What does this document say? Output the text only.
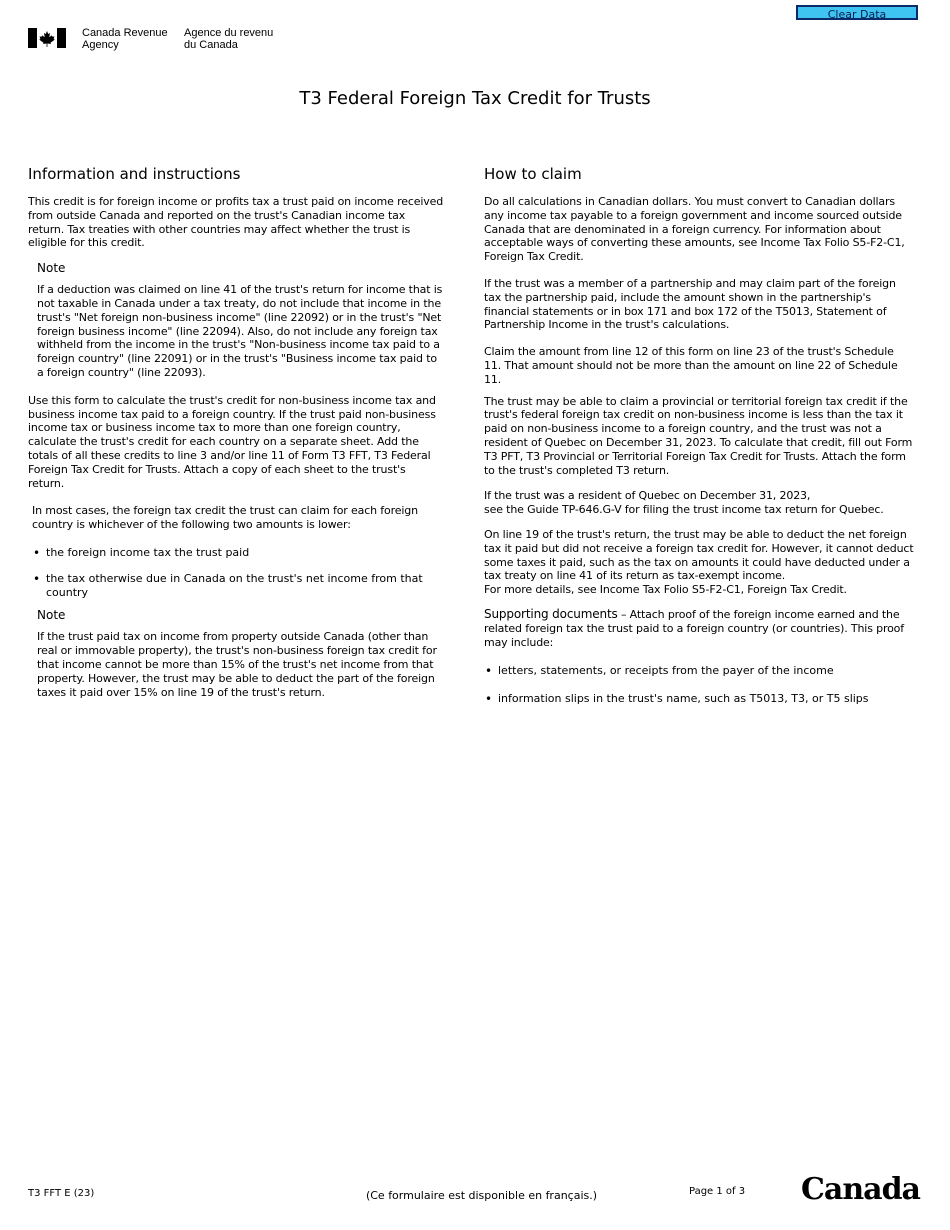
Clear Data
Canada Revenue
Agency
Agence du revenu
du Canada
T3 Federal Foreign Tax Credit for Trusts
Information and instructions

This credit is for foreign income or profits tax a trust paid on income received from outside Canada and reported on the trust's Canadian income tax return. Tax treaties with other countries may affect whether the trust is eligible for this credit.

Note

If a deduction was claimed on line 41 of the trust's return for income that is not taxable in Canada under a tax treaty, do not include that income in the trust's "Net foreign non-business income" (line 22092) or in the trust's "Net foreign business income" (line 22094). Also, do not include any foreign tax withheld from the income in the trust's "Non-business income tax paid to a foreign country" (line 22091) or in the trust's "Business income tax paid to a foreign country" (line 22093).

Use this form to calculate the trust's credit for non-business income tax and business income tax paid to a foreign country. If the trust paid non-business income tax or business income tax to more than one foreign country, calculate the trust's credit for each country on a separate sheet. Add the totals of all these credits to line 3 and/or line 11 of Form T3 FFT, T3 Federal Foreign Tax Credit for Trusts. Attach a copy of each sheet to the trust's return.

In most cases, the foreign tax credit the trust can claim for each foreign country is whichever of the following two amounts is lower:

• the foreign income tax the trust paid
• the tax otherwise due in Canada on the trust's net income from that country

Note

If the trust paid tax on income from property outside Canada (other than real or immovable property), the trust's non-business foreign tax credit for that income cannot be more than 15% of the trust's net income from that property. However, the trust may be able to deduct the part of the foreign taxes it paid over 15% on line 19 of the trust's return.

How to claim

Do all calculations in Canadian dollars. You must convert to Canadian dollars any income tax payable to a foreign government and income sourced outside Canada that are denominated in a foreign currency. For information about acceptable ways of converting these amounts, see Income Tax Folio S5-F2-C1, Foreign Tax Credit.

If the trust was a member of a partnership and may claim part of the foreign tax the partnership paid, include the amount shown in the partnership's financial statements or in box 171 and box 172 of the T5013, Statement of Partnership Income in the trust's calculations.

Claim the amount from line 12 of this form on line 23 of the trust's Schedule 11. That amount should not be more than the amount on line 22 of Schedule 11.

The trust may be able to claim a provincial or territorial foreign tax credit if the trust's federal foreign tax credit on non-business income is less than the tax it paid on non-business income to a foreign country, and the trust was not a resident of Quebec on December 31, 2023. To calculate that credit, fill out Form T3 PFT, T3 Provincial or Territorial Foreign Tax Credit for Trusts. Attach the form to the trust's completed T3 return.

If the trust was a resident of Quebec on December 31, 2023,

see the Guide TP-646.G-V for filing the trust income tax return for Quebec.

On line 19 of the trust's return, the trust may be able to deduct the net foreign tax it paid but did not receive a foreign tax credit for. However, it cannot deduct some taxes it paid, such as the tax on amounts it could have deducted under a tax treaty on line 41 of its return as tax-exempt income.

For more details, see Income Tax Folio S5-F2-C1, Foreign Tax Credit.

Supporting documents – Attach proof of the foreign income earned and the related foreign tax the trust paid to a foreign country (or countries). This proof may include:

• letters, statements, or receipts from the payer of the income
• information slips in the trust's name, such as T5013, T3, or T5 slips
T3 FFT E (23)	(Ce formulaire est disponible en français.)	Page 1 of 3 Canada
